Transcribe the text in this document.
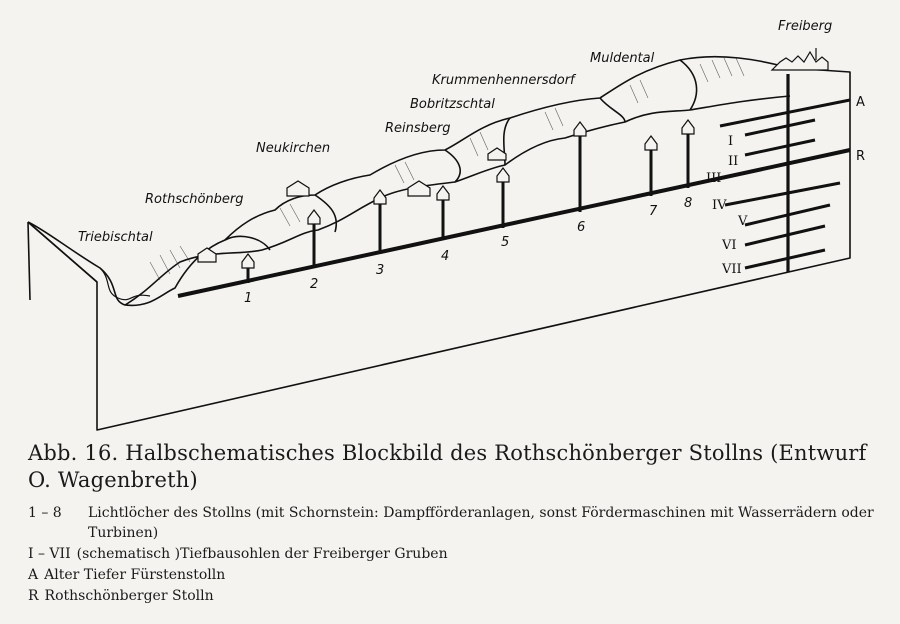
Freiberg
Muldental
Krummenhennersdorf
Bobritzschtal
Reinsberg
Neukirchen
Rothschönberg
Triebischtal
1
2
3
4
5
6
7
8
I
II
III
IV
V
VI
VII
A
R
Abb. 16. Halbschematisches Blockbild des Rothschönberger Stollns (Entwurf
O. Wagenbreth)
1 – 8	Lichtlöcher des Stollns (mit Schornstein: Dampfförderanlagen, sonst Fördermaschinen mit Wasserrädern oder Turbinen)
I – VII (schematisch )Tiefbausohlen der Freiberger Gruben
A Alter Tiefer Fürstenstolln
R Rothschönberger Stolln
